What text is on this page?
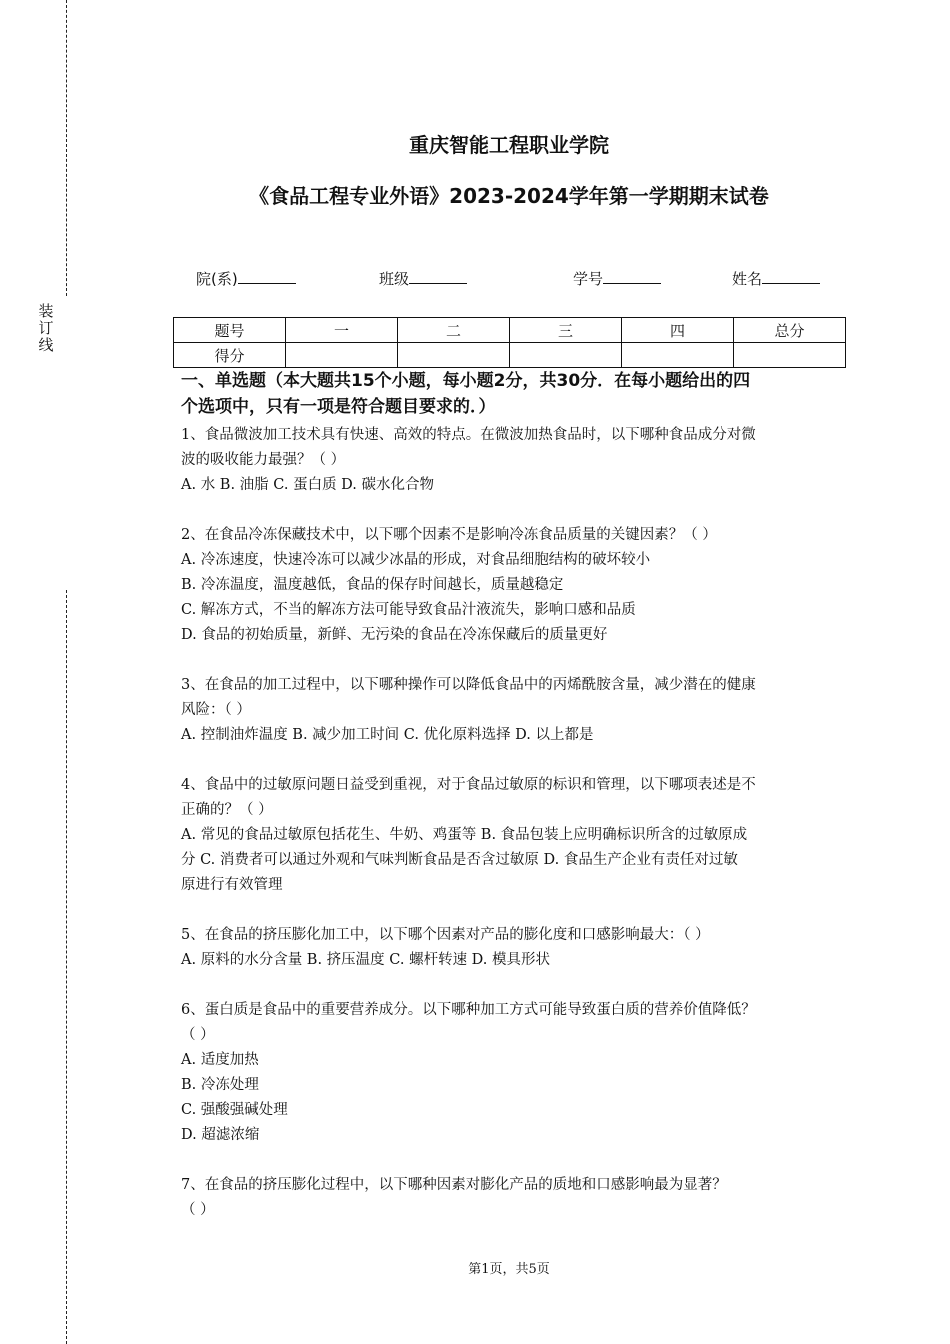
装
订
线
重庆智能工程职业学院
《食品工程专业外语》2023-2024学年第一学期期末试卷
院(系)	班级	学号	姓名
题号	一	二	三	四	总分
得分					
一、单选题（本大题共15个小题，每小题2分，共30分．在每小题给出的四
个选项中，只有一项是符合题目要求的．）
1、食品微波加工技术具有快速、高效的特点。在微波加热食品时，以下哪种食品成分对微
波的吸收能力最强？（ ）
A. 水 B. 油脂 C. 蛋白质 D. 碳水化合物
2、在食品冷冻保藏技术中，以下哪个因素不是影响冷冻食品质量的关键因素？（ ）
A. 冷冻速度，快速冷冻可以减少冰晶的形成，对食品细胞结构的破坏较小
B. 冷冻温度，温度越低，食品的保存时间越长，质量越稳定
C. 解冻方式，不当的解冻方法可能导致食品汁液流失，影响口感和品质
D. 食品的初始质量，新鲜、无污染的食品在冷冻保藏后的质量更好
3、在食品的加工过程中，以下哪种操作可以降低食品中的丙烯酰胺含量，减少潜在的健康
风险：（ ）
A. 控制油炸温度 B. 减少加工时间 C. 优化原料选择 D. 以上都是
4、食品中的过敏原问题日益受到重视，对于食品过敏原的标识和管理，以下哪项表述是不
正确的？（ ）
A. 常见的食品过敏原包括花生、牛奶、鸡蛋等 B. 食品包装上应明确标识所含的过敏原成
分 C. 消费者可以通过外观和气味判断食品是否含过敏原 D. 食品生产企业有责任对过敏
原进行有效管理
5、在食品的挤压膨化加工中，以下哪个因素对产品的膨化度和口感影响最大：（ ）
A. 原料的水分含量 B. 挤压温度 C. 螺杆转速 D. 模具形状
6、蛋白质是食品中的重要营养成分。以下哪种加工方式可能导致蛋白质的营养价值降低？
（ ）
A. 适度加热
B. 冷冻处理
C. 强酸强碱处理
D. 超滤浓缩
7、在食品的挤压膨化过程中，以下哪种因素对膨化产品的质地和口感影响最为显著？
（ ）
第1页，共5页
